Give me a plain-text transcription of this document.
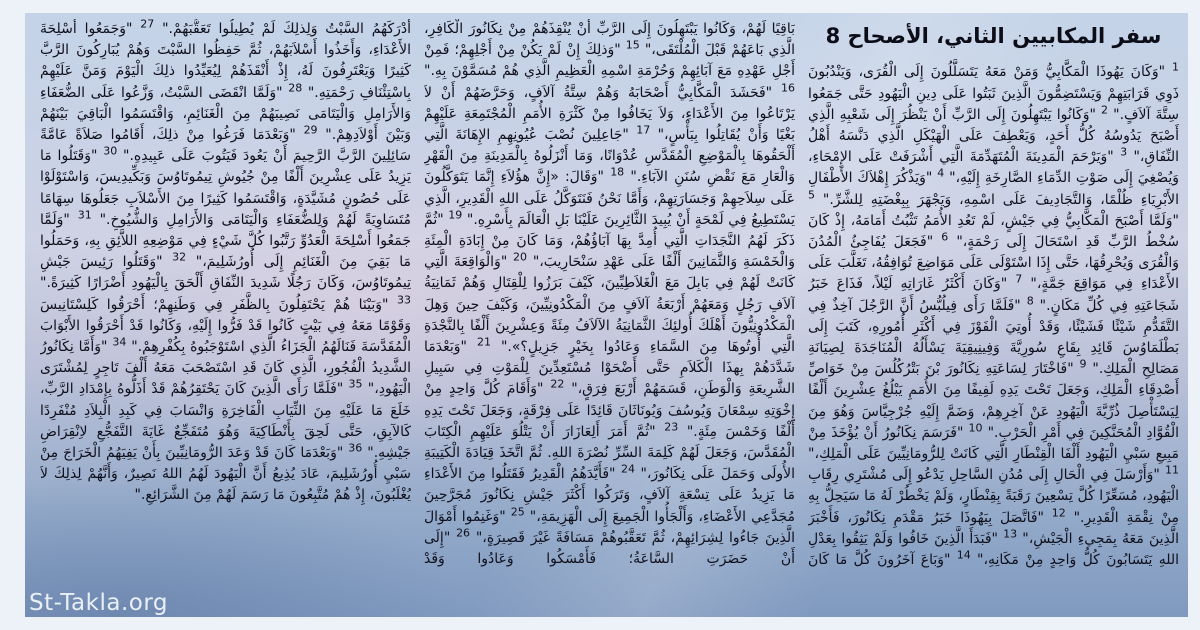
سفر المكابيين الثاني، الأصحاح 8

$^1$ "وَكَانَ يَهُوذَا الْمَكَّابِيُّ وَمَنْ مَعَهُ يَتَسَلَّلُونَ إِلَى الْقُرَى، وَيَنْدُبُونَ ذَوِي قَرَابَتِهِمْ وَيَسْتَضِمُّونَ الَّذِينَ ثَبَتُوا عَلَى دِينِ الْيَهُودِ حَتَّى جَمَعُوا سِتَّةَ آلاَفٍ." $^2$ "وَكَانُوا يَبْتَهِلُونَ إِلَى الرَّبِّ أَنْ يَنْظُرَ إِلَى شَعْبِهِ الَّذِي أَصْبَحَ يَدُوسُهُ كُلُّ أَحَدٍ، وَيَعْطِفَ عَلَى الْهَيْكَلِ الَّذِي دَنَّسَهُ أَهْلُ النِّفَاقِ،" $^3$ "وَيَرْحَمَ الْمَدِينَةَ الْمُتَهَدِّمَةَ الَّتِي أَشْرَفَتْ عَلَى الإِمْحَاءِ، وَيُصْغِيَ إِلَى صَوْتِ الدِّمَاءِ الصَّارِخَةِ إِلَيْهِ،" $^4$ "وَيَذْكُرَ إِهْلاَكَ الأَطْفَالِ الأَبْرِيَاءِ ظُلْمًا، وَالتَّجَادِيفَ عَلَى اسْمِهِ، وَيَجْهَرَ بِبِغْضَتِهِ لِلشَّرِّ." $^5$ "وَلَمَّا أَصْبَحَ الْمَكَّابِيُّ فِي جَيْشٍ، لَمْ تَعُدِ الأُمَمُ تَثْبُتُ أَمَامَهُ، إِذْ كَانَ سُخْطُ الرَّبِّ قَدِ اسْتَحَالَ إِلَى رَحْمَةٍ،" $^6$ "فَجَعَلَ يُفَاجِئُ الْمُدُنَ وَالْقُرَى وَيُحْرِقُهَا، حَتَّى إِذَا اسْتَوْلَى عَلَى مَوَاضِعَ تُوَافِقُهُ، تَغَلَّبَ عَلَى الأَعْدَاءِ فِي مَوَاقِعَ جَمَّةٍ،" $^7$ "وَكَانَ أَكْثَرُ غَارَاتِهِ لَيْلاً، فَذَاعَ خَبَرُ شَجَاعَتِهِ فِي كُلِّ مَكَانٍ." $^8$ "فَلَمَّا رَأَى فِيلُبُّسُ أَنَّ الرَّجُلَ آخِذٌ فِي التَّقَدُّمِ شَيْئًا فَشَيْئًا، وَقَدْ أُوتِيَ الْفَوْزَ فِي أَكْثَرِ أُمُورِهِ، كَتَبَ إِلَى بَطْلَمَاوُسَ قَائِدِ بِقَاعِ سُورِيَّةَ وَفِينِيقِيَةَ يَسْأَلُهُ الْمُنَاجَدَةَ لِصِيَانَةِ مَصَالِحِ الْمَلِكِ." $^9$ "فَاخْتَارَ لِسَاعَتِهِ نِكَانُورَ بْنَ بَتْرُكُلُسَ مِنْ خَوَاصِّ أَصْدِقَاءِ الْمَلِكِ، وَجَعَلَ تَحْتَ يَدِهِ لَفِيفًا مِنَ الأُمَمِ يَبْلُغُ عِشْرِينَ أَلْفًا لِيَسْتَأْصِلَ ذُرِّيَّةَ الْيَهُودِ عَنْ آخِرِهِمْ، وَضَمَّ إِلَيْهِ جُرْجِيَّاسَ وَهُوَ مِنَ الْقُوَّادِ الْمُحَنَّكِينَ فِي أَمْرِ الْحَرْبِ." $^{10}$ "فَرَسَمَ نِكَانُورُ أَنْ يُؤْخَذَ مِنْ مَبِيعِ سَبْيِ الْيَهُودِ أَلْفَا الْقِنْطَارِ الَّتِي كَانَتْ لِلرُّومَانِيِّينَ عَلَى الْمَلِكِ،" $^{11}$ "وَأَرْسَلَ فِي الْحَالِ إِلَى مُدُنِ السَّاحِلِ يَدْعُو إِلَى مُشْتَرِي رِقَابِ الْيَهُودِ، مُسَعِّرًا كُلَّ تِسْعِينَ رَقَبَةً بِقِنْطَارٍ، وَلَمْ يَخْطُرْ لَهُ مَا سَيَحِلُّ بِهِ مِنْ نِقْمَةِ الْقَدِيرِ." $^{12}$ "فَاتَّصَلَ بِيَهُوذَا خَبَرُ مَقْدَمِ نِكَانُورَ، فَأَخْبَرَ الَّذِينَ مَعَهُ بِمَجِيءِ الْجَيْشِ،" $^{13}$ "فَبَدَأَ الَّذِينَ خَافُوا وَلَمْ يَثِقُوا بِعَدْلِ اللهِ يَتَسَابُونَ كُلُّ وَاحِدٍ مِنْ مَكَانِهِ،" $^{14}$ "وَبَاعَ آخَرُونَ كُلَّ مَا كَانَ

بَاقِيًا لَهُمْ، وَكَانُوا يَبْتَهِلُونَ إِلَى الرَّبِّ أَنْ يُنْقِذَهُمْ مِنْ نِكَانُورَ الْكَافِرِ، الَّذِي بَاعَهُمْ قَبْلَ الْمُلْتَقَى،" $^{15}$ "وَذلِكَ إِنْ لَمْ يَكُنْ مِنْ أَجْلِهِمْ؛ فَمِنْ أَجْلِ عَهْدِهِ مَعَ آبَائِهِمْ وَحُرْمَةِ اسْمِهِ الْعَظِيمِ الَّذِي هُمْ مُسَمَّوْنَ بِهِ." $^{16}$ "فَحَشَدَ الْمَكَّابِيُّ أَصْحَابَهُ وَهُمْ سِتَّةُ آلاَفٍ، وَحَرَّضَهُمْ أَنْ لاَ يَرْتَاعُوا مِنَ الأَعْدَاءِ، وَلاَ يَخَافُوا مِنْ كَثْرَةِ الأُمَمِ الْمُجْتَمِعَةِ عَلَيْهِمْ بَغْيًا وَأَنْ يُقَاتِلُوا بِبَأْسٍ،" $^{17}$ "جَاعِلِينَ نُصْبَ عُيُونِهِمِ الإِهَانَةَ الَّتِي أَلْحَقُوهَا بِالْمَوْضِعِ الْمُقَدَّسِ عُدْوَانًا، وَمَا أَنْزَلُوهُ بِالْمَدِينَةِ مِنَ الْقَهْرِ وَالْعَارِ مَعَ نَقْضِ سُنَنِ الآبَاءِ." $^{18}$ "وَقَالَ: «إِنَّ هؤُلاَءِ إِنَّمَا يَتَوَكَّلُونَ عَلَى سِلاَحِهِمْ وَجَسَارَتِهِمْ، وَأَمَّا نَحْنُ فَنَتَوَكَّلُ عَلَى اللهِ الْقَدِيرِ، الَّذِي يَسْتَطِيعُ فِي لَمْحَةٍ أَنْ يُبِيدَ الثَّائِرِينَ عَلَيْنَا بَلِ الْعَالَمَ بِأَسْرِهِ." $^{19}$ "ثُمَّ ذَكَرَ لَهُمُ النَّجَدَاتِ الَّتِي أُمِدَّ بِهَا آبَاؤُهُمْ، وَمَا كَانَ مِنْ إِبَادَةِ الْمِئَةِ وَالْخَمْسَةِ وَالثَّمَانِينَ أَلْفًا عَلَى عَهْدِ سَنْحَارِيبَ،" $^{20}$ "وَالْوَاقِعَةَ الَّتِي كَانَتْ لَهُمْ فِي بَابِلَ مَعَ الْغَلاَطِيِّينَ، كَيْفَ بَرَزُوا لِلْقِتَالِ وَهُمْ ثَمَانِيَةُ آلاَفِ رَجُلٍ وَمَعَهُمْ أَرْبَعَةُ آلاَفٍ مِنَ الْمَكْدُونِيِّينَ، وَكَيْفَ حِينَ وَهِلَ الْمَكْدُونِيُّونَ أَهْلَكَ أُولئِكَ الثَّمَانِيَةُ الآلاَفُ مِئَةً وَعِشْرِينَ أَلْفًا بِالنَّجْدَةِ الَّتِي أُوتُوهَا مِنَ السَّمَاءِ وَعَادُوا بِخَيْرٍ جَزِيلٍ؟»." $^{21}$ "وَبَعْدَمَا شَدَّدَهُمْ بِهذَا الْكَلاَمِ حَتَّى أَضْحَوْا مُسْتَعِدِّينَ لِلْمَوْتِ فِي سَبِيلِ الشَّرِيعَةِ وَالْوَطَنِ، قَسَمَهُمْ أَرْبَعَ فِرَقٍ،" $^{22}$ "وَأَقَامَ كُلَّ وَاحِدٍ مِنْ إِخْوَتِهِ سِمْعَانَ وَيُوسُفَ وَيُونَاثَانَ قَائِدًا عَلَى فِرْقَةٍ، وَجَعَلَ تَحْتَ يَدِهِ أَلْفًا وَخَمْسَ مِئَةٍ." $^{23}$ "ثُمَّ أَمَرَ أَلِعَازَارَ أَنْ يَتْلُوَ عَلَيْهِمِ الْكِتَابَ الْمُقَدَّسَ، وَجَعَلَ لَهُمْ كَلِمَةَ السِّرِّ نُصْرَةَ اللهِ. ثُمَّ اتَّخَذَ قِيَادَةَ الْكَتِيبَةِ الأُولَى وَحَمَلَ عَلَى نِكَانُورَ،" $^{24}$ "فَأَيَّدَهُمُ الْقَدِيرُ فَقَتَلُوا مِنَ الأَعْدَاءِ مَا يَزِيدُ عَلَى تِسْعَةِ آلاَفٍ، وَتَرَكُوا أَكْثَرَ جَيْشِ نِكَانُورَ مُجَرَّحِينَ مُجَدَّعِي الأَعْضَاءِ، وَأَلْجَأُوا الْجَمِيعَ إِلَى الْهَزِيمَةِ،" $^{25}$ "وَغَنِمُوا أَمْوَالَ الَّذِينَ جَاءُوا لِشِرَائِهِمْ، ثُمَّ تَعَقَّبُوهُمْ مَسَافَةً غَيْرَ قَصِيرَةٍ،" $^{26}$ "إِلَى أَنْ حَضَرَتِ السَّاعَةُ؛ فَأَمْسَكُوا وَعَادُوا وَقَدْ

أَدْرَكَهُمُ السَّبْتُ وَلِذلِكَ لَمْ يُطِيلُوا تَعَقُّبَهُمْ." $^{27}$ "وَجَمَعُوا أَسْلِحَةَ الأَعْدَاءِ، وَأَخَذُوا أَسْلاَبَهُمْ، ثُمَّ حَفِظُوا السَّبْتَ وَهُمْ يُبَارِكُونَ الرَّبَّ كَثِيرًا وَيَعْتَرِفُونَ لَهُ، إِذْ أَنْقَذَهُمْ لِيُعَيِّدُوا ذلِكَ الْيَوْمَ وَمَنَّ عَلَيْهِمْ بِاسْتِئْنَافِ رَحْمَتِهِ." $^{28}$ "وَلَمَّا انْقَضَى السَّبْتُ، وَزَّعُوا عَلَى الضُّعَفَاءِ وَالأَرَامِلِ وَالْيَتَامَى نَصِيبَهُمْ مِنَ الْغَنَائِمِ، وَاقْتَسَمُوا الْبَاقِيَ بَيْنَهُمْ وَبَيْنَ أَوْلاَدِهِمْ." $^{29}$ "وَبَعْدَمَا فَرَغُوا مِنْ ذلِكَ، أَقَامُوا صَلاَةً عَامَّةً سَائِلِينَ الرَّبَّ الرَّحِيمَ أَنْ يَعُودَ فَيَتُوبَ عَلَى عَبِيدِهِ." $^{30}$ "وَقَتَلُوا مَا يَزِيدُ عَلَى عِشْرِينَ أَلْفًا مِنْ جُيُوشِ تِيمُوتَاوُسَ وَبَكِّيدِيسَ، وَاسْتَوْلَوْا عَلَى حُصُونٍ مُشَيَّدَةٍ، وَاقْتَسَمُوا كَثِيرًا مِنَ الأَسْلاَبِ جَعَلُوهَا سِهَامًا مُتَسَاوِيَةً لَهُمْ وَلِلضُّعَفَاءِ وَالْيَتَامَى وَالأَرَامِلِ وَالشُّيُوخِ." $^{31}$ "وَلَمَّا جَمَعُوا أَسْلِحَةَ الْعَدُوِّ رَتَّبُوا كُلَّ شَيْءٍ فِي مَوْضِعِهِ اللاَّئِقِ بِهِ، وَحَمَلُوا مَا بَقِيَ مِنَ الْغَنَائِمِ إِلَى أُورُشَلِيمَ،" $^{32}$ "وَقَتَلُوا رَئِيسَ جَيْشِ تِيمُوتَاوُسَ، وَكَانَ رَجُلًا شَدِيدَ النِّفَاقِ أَلْحَقَ بِالْيَهُودِ أَضْرَارًا كَثِيرَةً." $^{33}$ "وَبَيْنَا هُمْ يَحْتَفِلُونَ بِالظَّفَرِ فِي وَطَنِهِمْ؛ أَحْرَقُوا كَلِسْتَانِيسَ وَقَوْمًا مَعَهُ فِي بَيْتٍ كَانُوا قَدْ فَرُّوا إِلَيْهِ، وَكَانُوا قَدْ أَحْرَقُوا الأَبْوَابَ الْمُقَدَّسَةَ فَنَالَهُمُ الْجَزَاءُ الَّذِي اسْتَوْجَبُوهُ بِكُفْرِهِمْ." $^{34}$ "وَأَمَّا نِكَانُورُ الشَّدِيدُ الْفُجُورِ، الَّذِي كَانَ قَدِ اسْتَصْحَبَ مَعَهُ أَلْفَ تَاجِرٍ لِمُشْتَرَى الْيَهُودِ،" $^{35}$ "فَلَمَّا رَأَى الَّذِينَ كَانَ يَحْتَقِرُهُمْ قَدْ أَذَلُّوهُ بِإِمْدَادِ الرَّبِّ، خَلَعَ مَا عَلَيْهِ مِنَ الثِّيَابِ الْفَاخِرَةِ وَانْسَابَ فِي كَبِدِ الْبِلاَدِ مُنْفَرِدًا كَالآبِقِ، حَتَّى لَحِقَ بِأَنْطَاكِيَةَ وَهُوَ مُتَفَجِّعٌ غَايَةَ التَّفَجُّعِ لاِنْقِرَاضِ جَيْشِهِ." $^{36}$ "وَبَعْدَمَا كَانَ قَدْ وَعَدَ الرُّومَانِيِّينَ بِأَنْ يَفِيَهُمُ الْخَرَاجَ مِنْ سَبْيِ أُورُشَلِيمَ، عَادَ يُذِيعُ أَنَّ الْيَهُودَ لَهُمُ اللهُ نَصِيرٌ، وَأَنَّهُمْ لِذلِكَ لاَ يُغْلَبُونَ، إِذْ هُمْ مُتَّبِعُونَ مَا رَسَمَ لَهُمْ مِنَ الشَّرَائِعِ."

St-Takla.org
